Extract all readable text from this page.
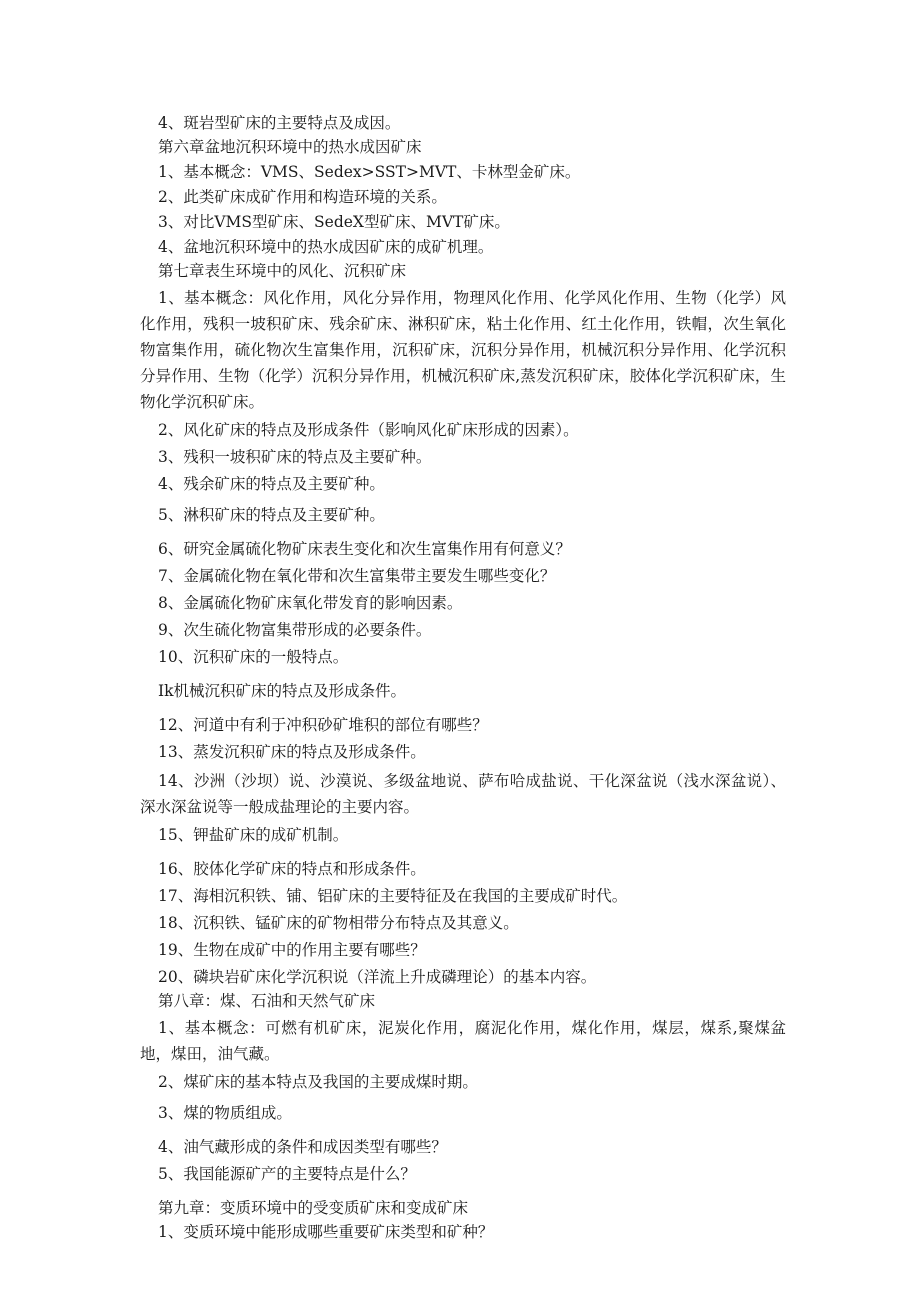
4、斑岩型矿床的主要特点及成因。
第六章盆地沉积环境中的热水成因矿床
1、基本概念：VMS、Sedex>SST>MVT、卡林型金矿床。
2、此类矿床成矿作用和构造环境的关系。
3、对比VMS型矿床、SedeX型矿床、MVT矿床。
4、盆地沉积环境中的热水成因矿床的成矿机理。
第七章表生环境中的风化、沉积矿床
1、基本概念：风化作用，风化分异作用，物理风化作用、化学风化作用、生物（化学）风化作用，残积一坡积矿床、残余矿床、淋积矿床，粘土化作用、红土化作用，铁帽，次生氧化物富集作用，硫化物次生富集作用，沉积矿床，沉积分异作用，机械沉积分异作用、化学沉积分异作用、生物（化学）沉积分异作用，机械沉积矿床,蒸发沉积矿床，胶体化学沉积矿床，生物化学沉积矿床。
2、风化矿床的特点及形成条件（影响风化矿床形成的因素）。
3、残积一坡积矿床的特点及主要矿种。
4、残余矿床的特点及主要矿种。
5、淋积矿床的特点及主要矿种。
6、研究金属硫化物矿床表生变化和次生富集作用有何意义？
7、金属硫化物在氧化带和次生富集带主要发生哪些变化？
8、金属硫化物矿床氧化带发育的影响因素。
9、次生硫化物富集带形成的必要条件。
10、沉积矿床的一般特点。
Ik机械沉积矿床的特点及形成条件。
12、河道中有利于冲积砂矿堆积的部位有哪些？
13、蒸发沉积矿床的特点及形成条件。
14、沙洲（沙坝）说、沙漠说、多级盆地说、萨布哈成盐说、干化深盆说（浅水深盆说）、深水深盆说等一般成盐理论的主要内容。
15、钾盐矿床的成矿机制。
16、胶体化学矿床的特点和形成条件。
17、海相沉积铁、铺、铝矿床的主要特征及在我国的主要成矿时代。
18、沉积铁、锰矿床的矿物相带分布特点及其意义。
19、生物在成矿中的作用主要有哪些？
20、磷块岩矿床化学沉积说（洋流上升成磷理论）的基本内容。
第八章：煤、石油和天然气矿床
1、基本概念：可燃有机矿床，泥炭化作用，腐泥化作用，煤化作用，煤层，煤系,聚煤盆地，煤田，油气藏。
2、煤矿床的基本特点及我国的主要成煤时期。
3、煤的物质组成。
4、油气藏形成的条件和成因类型有哪些？
5、我国能源矿产的主要特点是什么？
第九章：变质环境中的受变质矿床和变成矿床
1、变质环境中能形成哪些重要矿床类型和矿种？
